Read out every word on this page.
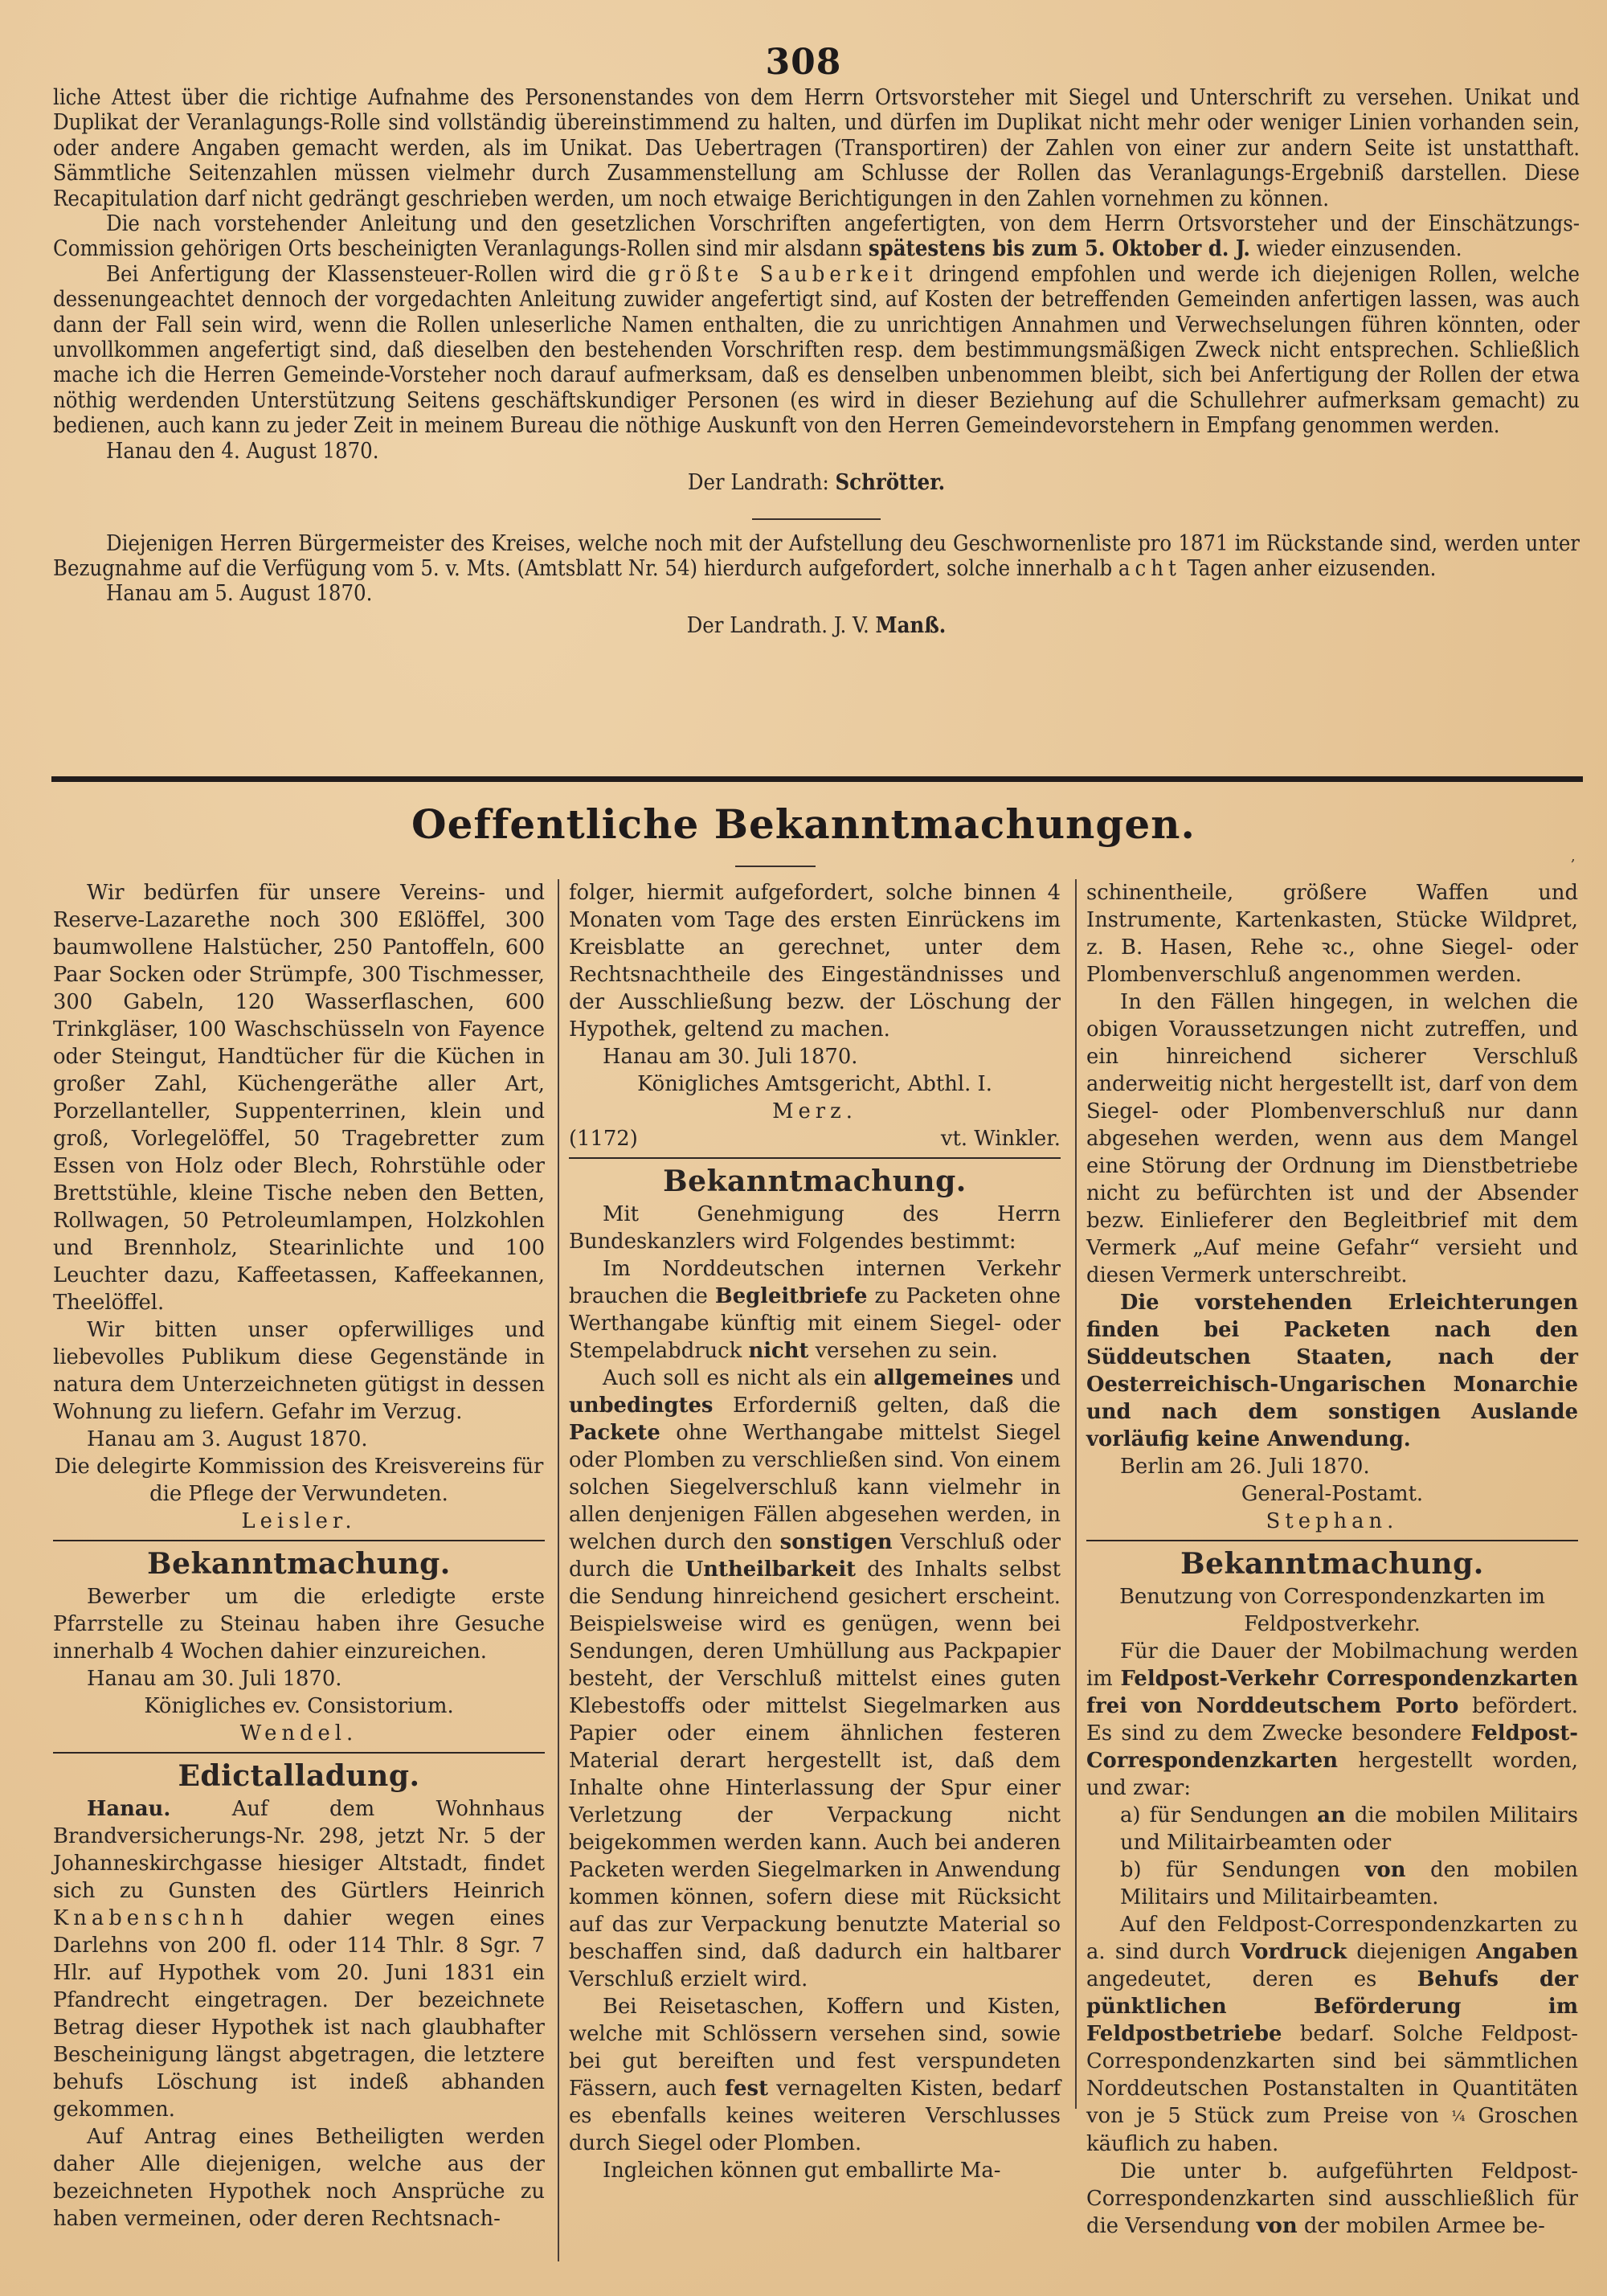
308

liche Attest über die richtige Aufnahme des Personenstandes von dem Herrn Ortsvorsteher mit Siegel und Unterschrift zu versehen. Unikat und Duplikat der Veranlagungs-Rolle sind vollständig übereinstimmend zu halten, und dürfen im Duplikat nicht mehr oder weniger Linien vorhanden sein, oder andere Angaben gemacht werden, als im Unikat. Das Uebertragen (Transportiren) der Zahlen von einer zur andern Seite ist unstatthaft. Sämmtliche Seitenzahlen müssen vielmehr durch Zusammenstellung am Schlusse der Rollen das Veranlagungs-Ergebniß darstellen. Diese Recapitulation darf nicht gedrängt geschrieben werden, um noch etwaige Berichtigungen in den Zahlen vornehmen zu können.

Die nach vorstehender Anleitung und den gesetzlichen Vorschriften angefertigten, von dem Herrn Ortsvorsteher und der Einschätzungs-Commission gehörigen Orts bescheinigten Veranlagungs-Rollen sind mir alsdann spätestens bis zum 5. Oktober d. J. wieder einzusenden.

Bei Anfertigung der Klassensteuer-Rollen wird die größte Sauberkeit dringend empfohlen und werde ich diejenigen Rollen, welche dessenungeachtet dennoch der vorgedachten Anleitung zuwider angefertigt sind, auf Kosten der betreffenden Gemeinden anfertigen lassen, was auch dann der Fall sein wird, wenn die Rollen unleserliche Namen enthalten, die zu unrichtigen Annahmen und Verwechselungen führen könnten, oder unvollkommen angefertigt sind, daß dieselben den bestehenden Vorschriften resp. dem bestimmungsmäßigen Zweck nicht entsprechen. Schließlich mache ich die Herren Gemeinde-Vorsteher noch darauf aufmerksam, daß es denselben unbenommen bleibt, sich bei Anfertigung der Rollen der etwa nöthig werdenden Unterstützung Seitens geschäftskundiger Personen (es wird in dieser Beziehung auf die Schullehrer aufmerksam gemacht) zu bedienen, auch kann zu jeder Zeit in meinem Bureau die nöthige Auskunft von den Herren Gemeindevorstehern in Empfang genommen werden.

Hanau den 4. August 1870.

Der Landrath: Schrötter.

Diejenigen Herren Bürgermeister des Kreises, welche noch mit der Aufstellung deu Geschwornenliste pro 1871 im Rückstande sind, werden unter Bezugnahme auf die Verfügung vom 5. v. Mts. (Amtsblatt Nr. 54) hierdurch aufgefordert, solche innerhalb acht Tagen anher eizusenden.

Hanau am 5. August 1870.

Der Landrath. J. V. Manß.

Oeffentliche Bekanntmachungen.
,

Wir bedürfen für unsere Vereins- und Reserve-Lazarethe noch 300 Eßlöffel, 300 baumwollene Halstücher, 250 Pantoffeln, 600 Paar Socken oder Strümpfe, 300 Tischmesser, 300 Gabeln, 120 Wasserflaschen, 600 Trinkgläser, 100 Waschschüsseln von Fayence oder Steingut, Handtücher für die Küchen in großer Zahl, Küchengeräthe aller Art, Porzellanteller, Suppenterrinen, klein und groß, Vorlegelöffel, 50 Tragebretter zum Essen von Holz oder Blech, Rohrstühle oder Brettstühle, kleine Tische neben den Betten, Rollwagen, 50 Petroleumlampen, Holzkohlen und Brennholz, Stearinlichte und 100 Leuchter dazu, Kaffeetassen, Kaffeekannen, Theelöffel.

Wir bitten unser opferwilliges und liebevolles Publikum diese Gegenstände in natura dem Unterzeichneten gütigst in dessen Wohnung zu liefern. Gefahr im Verzug.

Hanau am 3. August 1870.

Die delegirte Kommission des Kreisvereins für die Pflege der Verwundeten.

Leisler.

Bekanntmachung.

Bewerber um die erledigte erste Pfarrstelle zu Steinau haben ihre Gesuche innerhalb 4 Wochen dahier einzureichen.

Hanau am 30. Juli 1870.

Königliches ev. Consistorium.

Wendel.

Edictalladung.

Hanau. Auf dem Wohnhaus Brandversicherungs-Nr. 298, jetzt Nr. 5 der Johanneskirchgasse hiesiger Altstadt, findet sich zu Gunsten des Gürtlers Heinrich Knabenschnh dahier wegen eines Darlehns von 200 fl. oder 114 Thlr. 8 Sgr. 7 Hlr. auf Hypothek vom 20. Juni 1831 ein Pfandrecht eingetragen. Der bezeichnete Betrag dieser Hypothek ist nach glaubhafter Bescheinigung längst abgetragen, die letztere behufs Löschung ist indeß abhanden gekommen.

Auf Antrag eines Betheiligten werden daher Alle diejenigen, welche aus der bezeichneten Hypothek noch Ansprüche zu haben vermeinen, oder deren Rechtsnach-

folger, hiermit aufgefordert, solche binnen 4 Monaten vom Tage des ersten Einrückens im Kreisblatte an gerechnet, unter dem Rechtsnachtheile des Eingeständnisses und der Ausschließung bezw. der Löschung der Hypothek, geltend zu machen.

Hanau am 30. Juli 1870.

Königliches Amtsgericht, Abthl. I.

Merz.

(1172)	vt. Winkler.

Bekanntmachung.

Mit Genehmigung des Herrn Bundeskanzlers wird Folgendes bestimmt:

Im Norddeutschen internen Verkehr brauchen die Begleitbriefe zu Packeten ohne Werthangabe künftig mit einem Siegel- oder Stempelabdruck nicht versehen zu sein.

Auch soll es nicht als ein allgemeines und unbedingtes Erforderniß gelten, daß die Packete ohne Werthangabe mittelst Siegel oder Plomben zu verschließen sind. Von einem solchen Siegelverschluß kann vielmehr in allen denjenigen Fällen abgesehen werden, in welchen durch den sonstigen Verschluß oder durch die Untheilbarkeit des Inhalts selbst die Sendung hinreichend gesichert erscheint. Beispielsweise wird es genügen, wenn bei Sendungen, deren Umhüllung aus Packpapier besteht, der Verschluß mittelst eines guten Klebestoffs oder mittelst Siegelmarken aus Papier oder einem ähnlichen festeren Material derart hergestellt ist, daß dem Inhalte ohne Hinterlassung der Spur einer Verletzung der Verpackung nicht beigekommen werden kann. Auch bei anderen Packeten werden Siegelmarken in Anwendung kommen können, sofern diese mit Rücksicht auf das zur Verpackung benutzte Material so beschaffen sind, daß dadurch ein haltbarer Verschluß erzielt wird.

Bei Reisetaschen, Koffern und Kisten, welche mit Schlössern versehen sind, sowie bei gut bereiften und fest verspundeten Fässern, auch fest vernagelten Kisten, bedarf es ebenfalls keines weiteren Verschlusses durch Siegel oder Plomben.

Ingleichen können gut emballirte Ma-

schinentheile, größere Waffen und Instrumente, Kartenkasten, Stücke Wildpret, z. B. Hasen, Rehe ꝛc., ohne Siegel- oder Plombenverschluß angenommen werden.

In den Fällen hingegen, in welchen die obigen Voraussetzungen nicht zutreffen, und ein hinreichend sicherer Verschluß anderweitig nicht hergestellt ist, darf von dem Siegel- oder Plombenverschluß nur dann abgesehen werden, wenn aus dem Mangel eine Störung der Ordnung im Dienstbetriebe nicht zu befürchten ist und der Absender bezw. Einlieferer den Begleitbrief mit dem Vermerk „Auf meine Gefahr“ versieht und diesen Vermerk unterschreibt.

Die vorstehenden Erleichterungen finden bei Packeten nach den Süddeutschen Staaten, nach der Oesterreichisch-Ungarischen Monarchie und nach dem sonstigen Auslande vorläufig keine Anwendung.

Berlin am 26. Juli 1870.

General-Postamt.

Stephan.

Bekanntmachung.

Benutzung von Correspondenzkarten im Feldpostverkehr.

Für die Dauer der Mobilmachung werden im Feldpost-Verkehr Correspondenzkarten frei von Norddeutschem Porto befördert. Es sind zu dem Zwecke besondere Feldpost-Correspondenzkarten hergestellt worden, und zwar:

a) für Sendungen an die mobilen Militairs und Militairbeamten oder

b) für Sendungen von den mobilen Militairs und Militairbeamten.

Auf den Feldpost-Correspondenzkarten zu a. sind durch Vordruck diejenigen Angaben angedeutet, deren es Behufs der pünktlichen Beförderung im Feldpostbetriebe bedarf. Solche Feldpost-Correspondenzkarten sind bei sämmtlichen Norddeutschen Postanstalten in Quantitäten von je 5 Stück zum Preise von ¼ Groschen käuflich zu haben.

Die unter b. aufgeführten Feldpost-Correspondenzkarten sind ausschließlich für die Versendung von der mobilen Armee be-
